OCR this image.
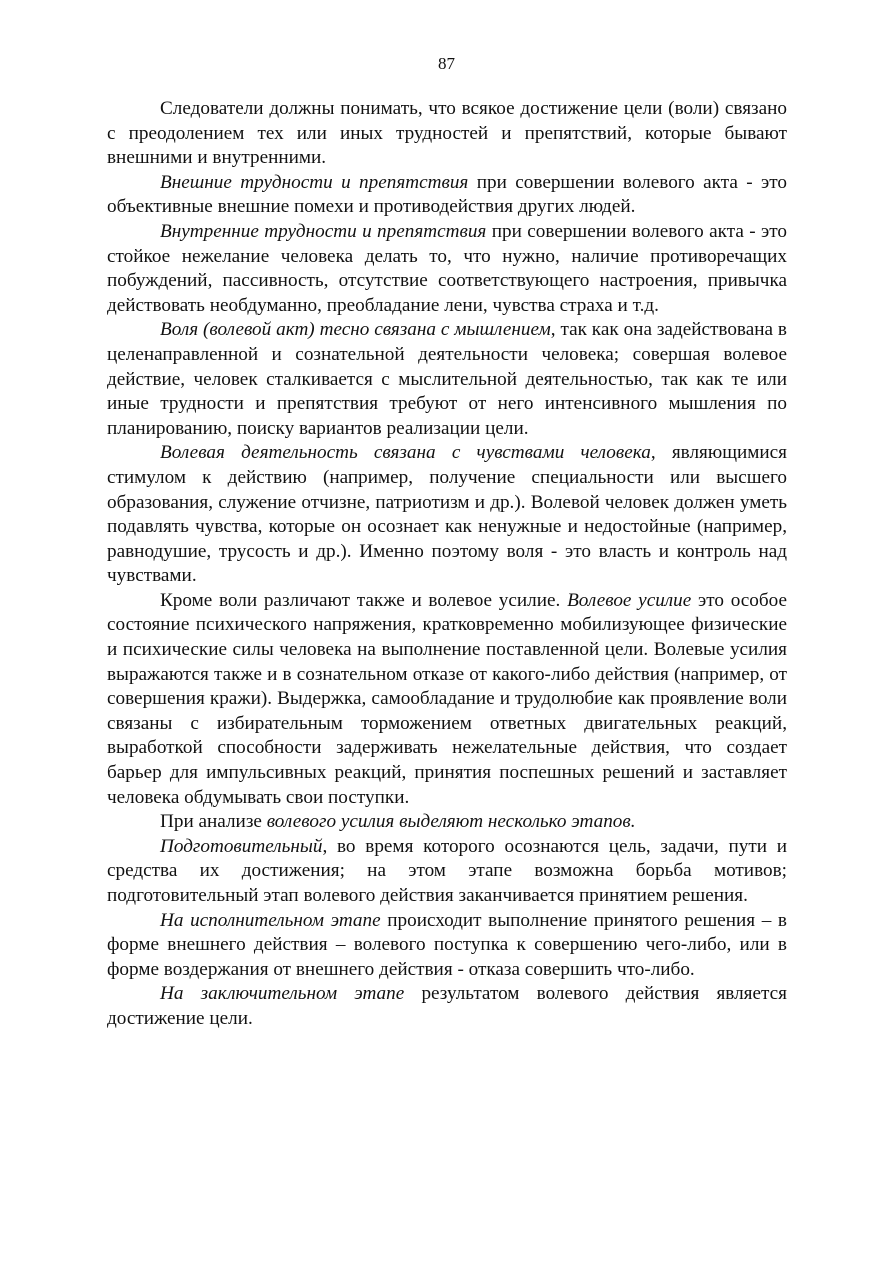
87

Следователи должны понимать, что всякое достижение цели (воли) связано с преодолением тех или иных трудностей и препятствий, которые бывают внешними и внутренними.

Внешние трудности и препятствия при совершении волевого акта - это объективные внешние помехи и противодействия других людей.

Внутренние трудности и препятствия при совершении волевого акта - это стойкое нежелание человека делать то, что нужно, наличие противоречащих побуждений, пассивность, отсутствие соответствующего настроения, привычка действовать необдуманно, преобладание лени, чувства страха и т.д.

Воля (волевой акт) тесно связана с мышлением, так как она задействована в целенаправленной и сознательной деятельности человека; совершая волевое действие, человек сталкивается с мыслительной деятельностью, так как те или иные трудности и препятствия требуют от него интенсивного мышления по планированию, поиску вариантов реализации цели.

Волевая деятельность связана с чувствами человека, являющимися стимулом к действию (например, получение специальности или высшего образования, служение отчизне, патриотизм и др.). Волевой человек должен уметь подавлять чувства, которые он осознает как ненужные и недостойные (например, равнодушие, трусость и др.). Именно поэтому воля - это власть и контроль над чувствами.

Кроме воли различают также и волевое усилие. Волевое усилие это особое состояние психического напряжения, кратковременно мобилизующее физические и психические силы человека на выполнение поставленной цели. Волевые усилия выражаются также и в сознательном отказе от какого-либо действия (например, от совершения кражи). Выдержка, самообладание и трудолюбие как проявление воли связаны с избирательным торможением ответных двигательных реакций, выработкой способности задерживать нежелательные действия, что создает барьер для импульсивных реакций, принятия поспешных решений и заставляет человека обдумывать свои поступки.

При анализе волевого усилия выделяют несколько этапов.

Подготовительный, во время которого осознаются цель, задачи, пути и средства их достижения; на этом этапе возможна борьба мотивов; подготовительный этап волевого действия заканчивается принятием решения.

На исполнительном этапе происходит выполнение принятого решения – в форме внешнего действия – волевого поступка к совершению чего-либо, или в форме воздержания от внешнего действия - отказа совершить что-либо.

На заключительном этапе результатом волевого действия является достижение цели.
